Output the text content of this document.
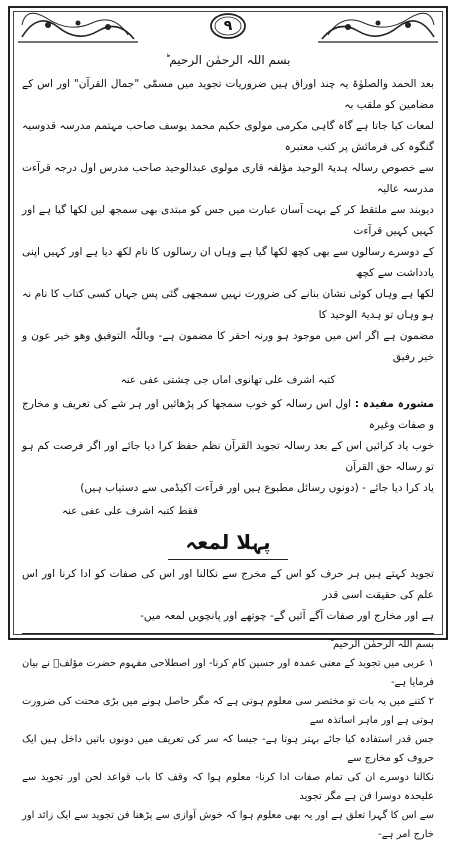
۹
بسم اللہ الرحمٰن الرحیم ؕ

بعد الحمد والصلوٰۃ یہ چند اوراق ہیں ضروریات تجوید میں مسمّٰی "جمال القرآن" اور اس کے مضامین کو ملقب بہ

لمعات کیا جاتا ہے گاہ گاہی مکرمی مولوی حکیم محمد یوسف صاحب مہتمم مدرسہ قدوسیہ گنگوہ کی فرمائش پر کتب معتبرہ

سے خصوص رسالہ ہدیۃ الوحید مؤلفہ قاری مولوی عبدالوحید صاحب مدرس اول درجہ قرآءت مدرسہ عالیہ

دیوبند سے ملتقط کر کے بہت آسان عبارت میں جس کو مبتدی بھی سمجھ لیں لکھا گیا ہے اور کہیں کہیں قرآءت

کے دوسرے رسالوں سے بھی کچھ لکھا گیا ہے وہاں ان رسالوں کا نام لکھ دیا ہے اور کہیں اپنی یادداشت سے کچھ

لکھا ہے وہاں کوئی نشان بنانے کی ضرورت نہیں سمجھی گئی پس جہاں کسی کتاب کا نام نہ ہو وہاں تو ہدیۃ الوحید کا

مضمون ہے اگر اس میں موجود ہو ورنہ احقر کا مضمون ہے- وباللّٰہ التوفیق وھو خیر عون و خیر رفیق

کتبہ اشرف علی تھانوی اماں جی چشتی عفی عنہ

مشورہ مفیدہ : اول اس رسالہ کو خوب سمجھا کر پڑھائیں اور ہر شے کی تعریف و مخارج و صفات وغیرہ

خوب یاد کرائیں اس کے بعد رسالہ تجوید القرآن نظم حفظ کرا دیا جائے اور اگر فرصت کم ہو تو رسالہ حق القرآن

یاد کرا دیا جائے - (دونوں رسائل مطبوع ہیں اور قرآءت اکیڈمی سے دستیاب ہیں)

فقط کتبہ اشرف علی عفی عنہ
پہلا لمعہ

تجوید کہتے ہیں ہر حرف کو اس کے مخرج سے نکالنا اور اس کی صفات کو ادا کرنا اور اس علم کی حقیقت اسی قدر

ہے اور مخارج اور صفات آگے آئیں گے- چوتھے اور پانچویں لمعہ میں-

بسم اللہ الرحمٰن الرحیم ؕ

۱ عربی میں تجوید کے معنی عمدہ اور حسین کام کرنا- اور اصطلاحی مفہوم حضرت مؤلفؒ نے بیان فرمایا ہے-

۲ کتنے میں یہ بات تو مختصر سی معلوم ہوتی ہے کہ مگر حاصل ہونے میں بڑی محنت کی ضرورت ہوتی ہے اور ماہر اساتذہ سے

جس قدر استفادہ کیا جائے بہتر ہوتا ہے- جیسا کہ سر کی تعریف میں دونوں باتیں داخل ہیں ایک حروف کو مخارج سے

نکالنا دوسرے ان کی تمام صفات ادا کرنا- معلوم ہوا کہ وقف کا باب قواعد لحن اور تجوید سے علیحدہ دوسرا فن ہے مگر تجوید

سے اس کا گہرا تعلق ہے اور یہ بھی معلوم ہوا کہ خوش آوازی سے پڑھنا فن تجوید سے ایک زائد اور خارج امر ہے-
